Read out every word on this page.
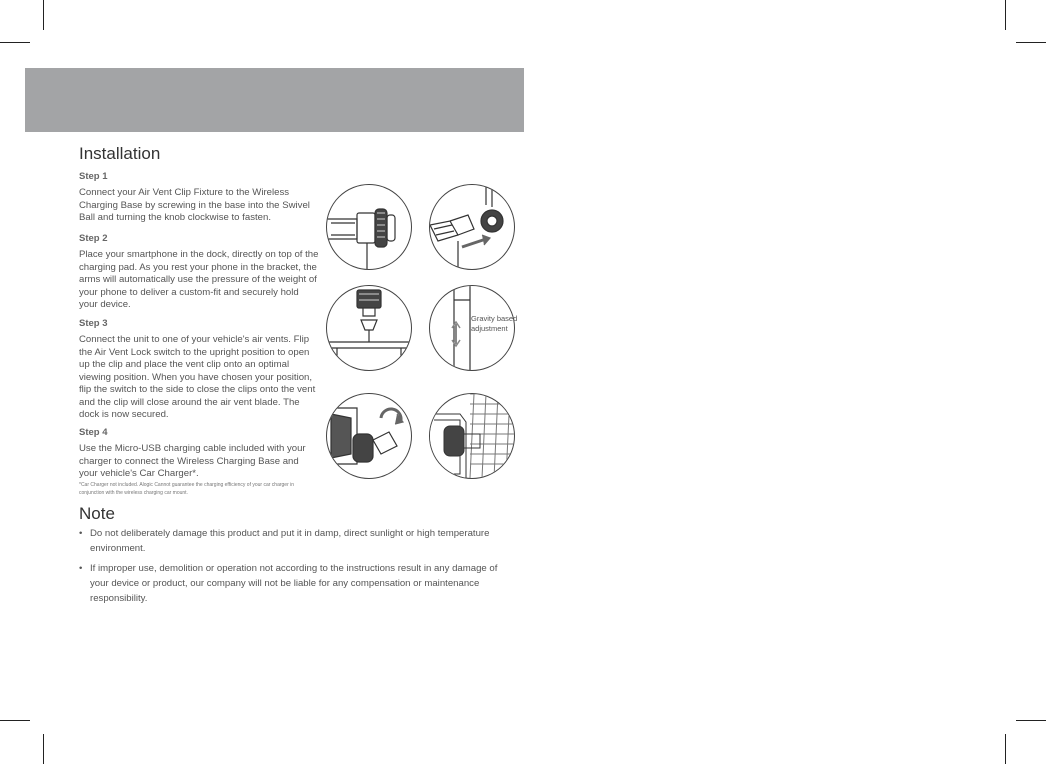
Installation
Step 1
Connect your Air Vent Clip Fixture to the Wireless Charging Base by screwing in the base into the Swivel Ball and turning the knob clockwise to fasten.
Step 2
Place your smartphone in the dock, directly on top of the charging pad. As you rest your phone in the bracket, the arms will automatically use the pressure of the weight of your phone to deliver a custom-fit and securely hold your device.
Step 3
Connect the unit to one of your vehicle's air vents. Flip the Air Vent Lock switch to the upright position to open up the clip and place the vent clip onto an optimal viewing position. When you have chosen your position, flip the switch to the side to close the clips onto the vent and the clip will close around the air vent blade. The dock is now secured.
Step 4
Use the Micro-USB charging cable included with your charger to connect the Wireless Charging Base and your vehicle's Car Charger*.
*Car Charger not included. Alogic Cannot guarantee the charging efficiency of your car charger in conjunction with the wireless charging car mount.
Gravity based adjustment
Note
• Do not deliberately damage this product and put it in damp, direct sunlight or high temperature environment.
• If improper use, demolition or operation not according to the instructions result in any damage of your device or product, our company will not be liable for any compensation or maintenance responsibility.
